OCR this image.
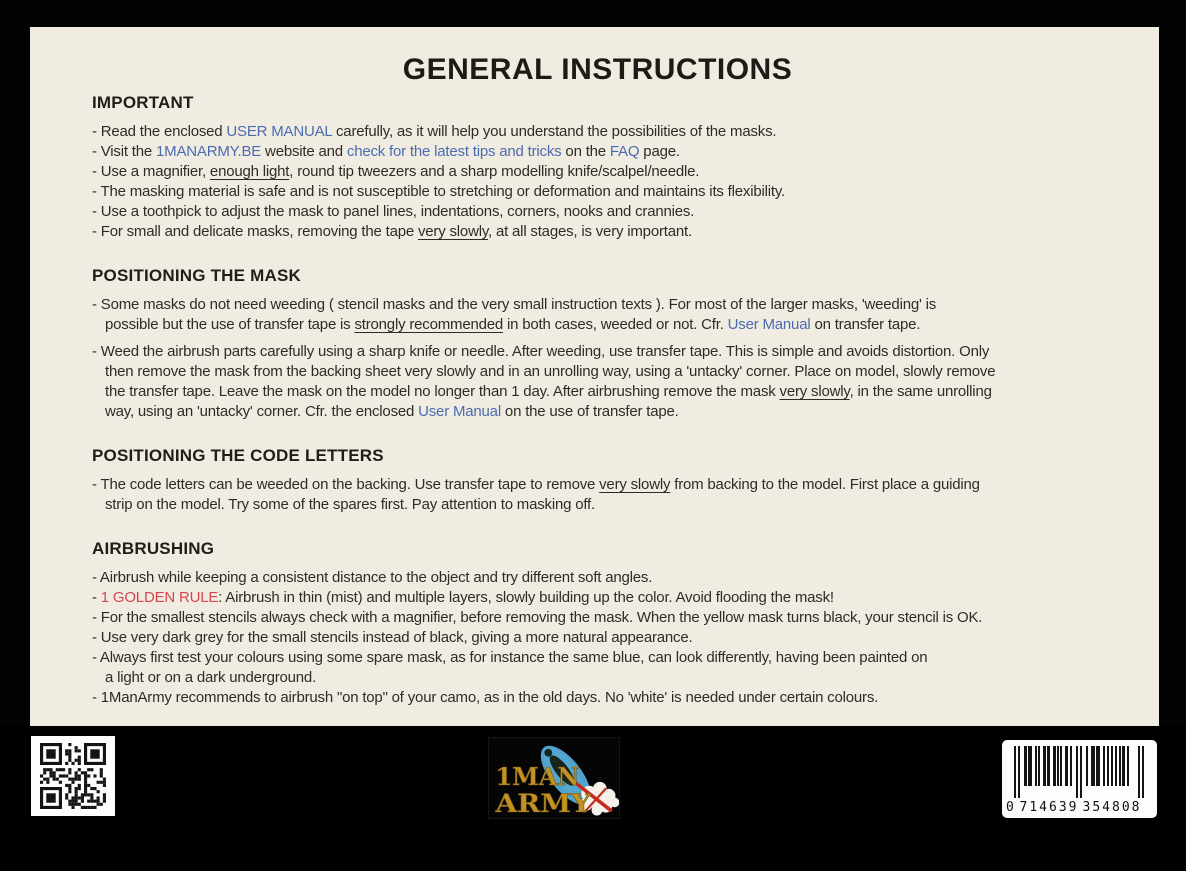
GENERAL INSTRUCTIONS
IMPORTANT

- Read the enclosed USER MANUAL carefully, as it will help you understand the possibilities of the masks.

- Visit the 1MANARMY.BE website and check for the latest tips and tricks on the FAQ page.

- Use a magnifier, enough light, round tip tweezers and a sharp modelling knife/scalpel/needle.

- The masking material is safe and is not susceptible to stretching or deformation and maintains its flexibility.

- Use a toothpick to adjust the mask to panel lines, indentations, corners, nooks and crannies.

- For small and delicate masks, removing the tape very slowly, at all stages, is very important.

POSITIONING THE MASK

- Some masks do not need weeding ( stencil masks and the very small instruction texts ). For most of the larger masks, 'weeding' is
possible but the use of transfer tape is strongly recommended in both cases, weeded or not. Cfr. User Manual on transfer tape.

- Weed the airbrush parts carefully using a sharp knife or needle. After weeding, use transfer tape. This is simple and avoids distortion. Only
then remove the mask from the backing sheet very slowly and in an unrolling way, using a 'untacky' corner. Place on model, slowly remove
the transfer tape. Leave the mask on the model no longer than 1 day. After airbrushing remove the mask very slowly, in the same unrolling
way, using an 'untacky' corner. Cfr. the enclosed User Manual on the use of transfer tape.

POSITIONING THE CODE LETTERS

- The code letters can be weeded on the backing. Use transfer tape to remove very slowly from backing to the model. First place a guiding
strip on the model. Try some of the spares first. Pay attention to masking off.

AIRBRUSHING

- Airbrush while keeping a consistent distance to the object and try different soft angles.

- 1 GOLDEN RULE: Airbrush in thin (mist) and multiple layers, slowly building up the color. Avoid flooding the mask!

- For the smallest stencils always check with a magnifier, before removing the mask. When the yellow mask turns black, your stencil is OK.

- Use very dark grey for the small stencils instead of black, giving a more natural appearance.

- Always first test your colours using some spare mask, as for instance the same blue, can look differently, having been painted on
a light or on a dark underground.

- 1ManArmy recommends to airbrush "on top" of your camo, as in the old days. No 'white' is needed under certain colours.

1MAN
ARMY	0 714639 354808
